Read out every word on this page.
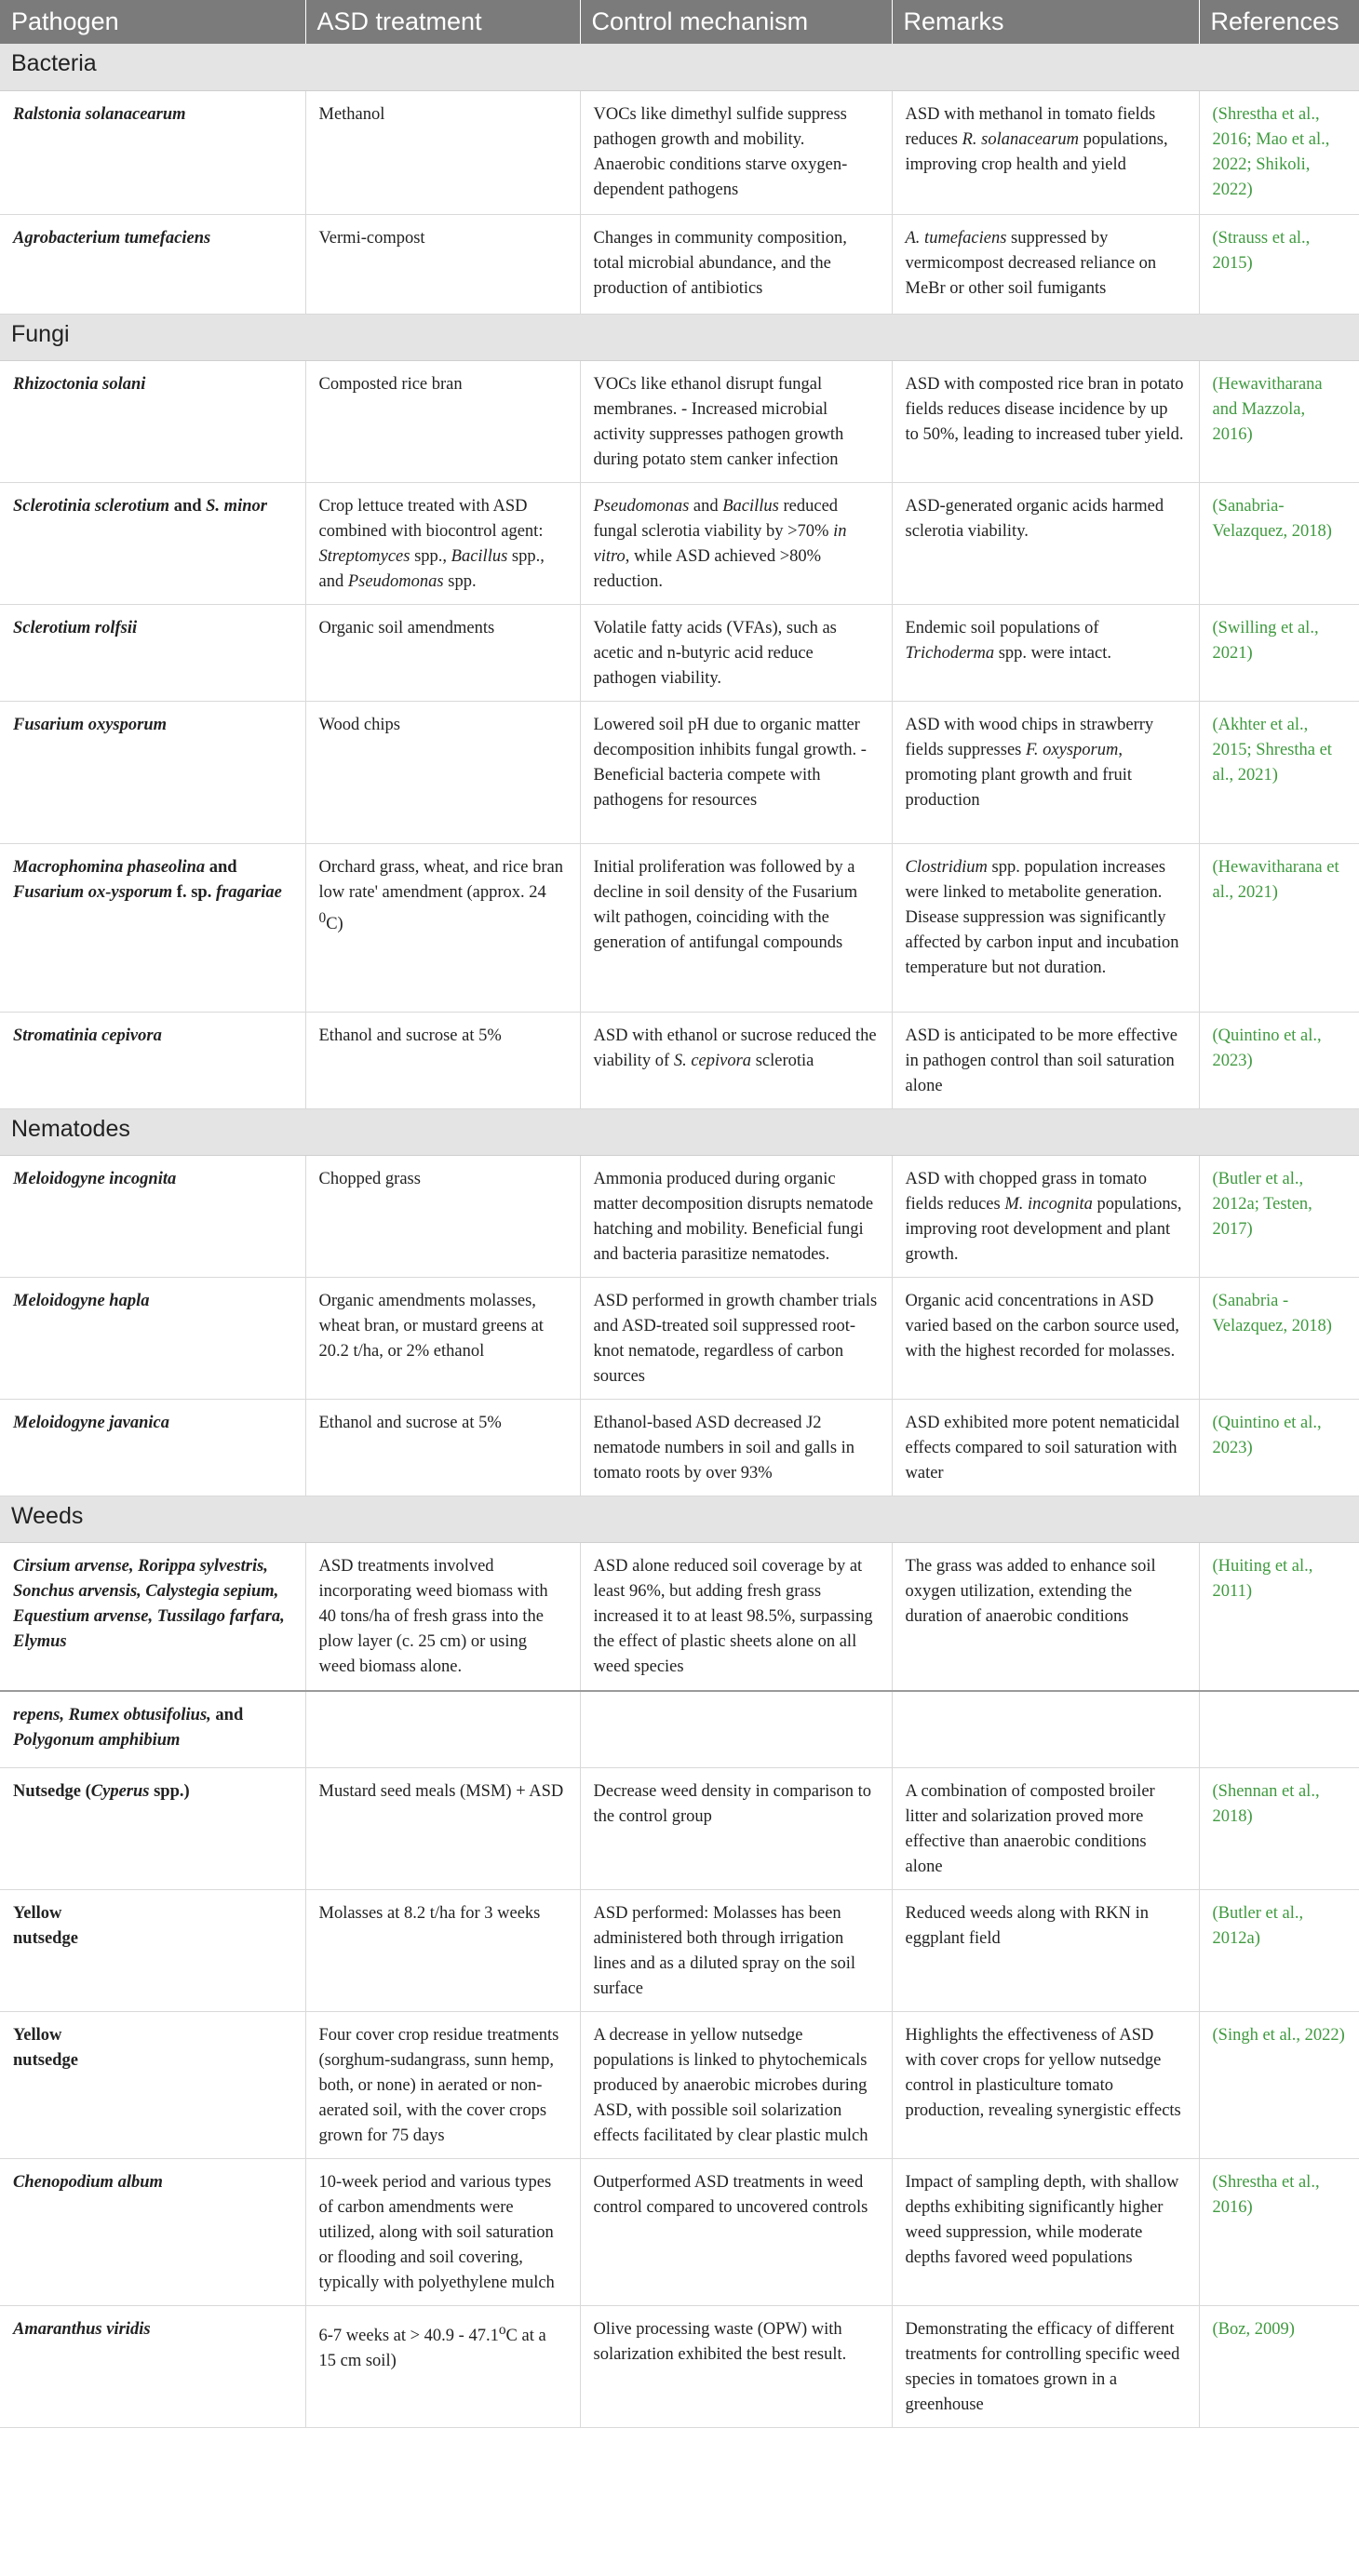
Pathogen	ASD treatment	Control mechanism	Remarks	References
Bacteria				
Ralstonia solanacearum	Methanol	VOCs like dimethyl sulfide suppress pathogen growth and mobility. Anaerobic conditions starve oxygen-dependent pathogens	ASD with methanol in tomato fields reduces R. solanacearum populations, improving crop health and yield	(Shrestha et al., 2016; Mao et al., 2022; Shikoli, 2022)
Agrobacterium tumefaciens	Vermi-compost	Changes in community composition, total microbial abundance, and the production of antibiotics	A. tumefaciens suppressed by vermicompost decreased reliance on MeBr or other soil fumigants	(Strauss et al., 2015)
Fungi				
Rhizoctonia solani	Composted rice bran	VOCs like ethanol disrupt fungal membranes. - Increased microbial activity suppresses pathogen growth during potato stem canker infection	ASD with composted rice bran in potato fields reduces disease incidence by up to 50%, leading to increased tuber yield.	(Hewavitharana and Mazzola, 2016)
Sclerotinia sclerotium and S. minor	Crop lettuce treated with ASD combined with biocontrol agent: Streptomyces spp., Bacillus spp., and Pseudomonas spp.	Pseudomonas and Bacillus reduced fungal sclerotia viability by >70% in vitro, while ASD achieved >80% reduction.	ASD-generated organic acids harmed sclerotia viability.	(Sanabria-Velazquez, 2018)
Sclerotium rolfsii	Organic soil amendments	Volatile fatty acids (VFAs), such as acetic and n-butyric acid reduce pathogen viability.	Endemic soil populations of Trichoderma spp. were intact.	(Swilling et al., 2021)
Fusarium oxysporum	Wood chips	Lowered soil pH due to organic matter decomposition inhibits fungal growth. - Beneficial bacteria compete with pathogens for resources	ASD with wood chips in strawberry fields suppresses F. oxysporum, promoting plant growth and fruit production	(Akhter et al., 2015; Shrestha et al., 2021)
Macrophomina phaseolina and Fusarium ox-ysporum f. sp. fragariae	Orchard grass, wheat, and rice bran low rate' amendment (approx. 24 $^0$C)	Initial proliferation was followed by a decline in soil density of the Fusarium wilt pathogen, coinciding with the generation of antifungal compounds	Clostridium spp. population increases were linked to metabolite generation. Disease suppression was significantly affected by carbon input and incubation temperature but not duration.	(Hewavitharana et al., 2021)
Stromatinia cepivora	Ethanol and sucrose at 5%	ASD with ethanol or sucrose reduced the viability of S. cepivora sclerotia	ASD is anticipated to be more effective in pathogen control than soil saturation alone	(Quintino et al., 2023)
Nematodes				
Meloidogyne incognita	Chopped grass	Ammonia produced during organic matter decomposition disrupts nematode hatching and mobility. Beneficial fungi and bacteria parasitize nematodes.	ASD with chopped grass in tomato fields reduces M. incognita populations, improving root development and plant growth.	(Butler et al., 2012a; Testen, 2017)
Meloidogyne hapla	Organic amendments molasses, wheat bran, or mustard greens at 20.2 t/ha, or 2% ethanol	ASD performed in growth chamber trials and ASD-treated soil suppressed root-knot nematode, regardless of carbon sources	Organic acid concentrations in ASD varied based on the carbon source used, with the highest recorded for molasses.	(Sanabria -Velazquez, 2018)
Meloidogyne javanica	Ethanol and sucrose at 5%	Ethanol-based ASD decreased J2 nematode numbers in soil and galls in tomato roots by over 93%	ASD exhibited more potent nematicidal effects compared to soil saturation with water	(Quintino et al., 2023)
Weeds				
Cirsium arvense, Rorippa sylvestris, Sonchus arvensis, Calystegia sepium, Equestium arvense, Tussilago farfara, Elymus	ASD treatments involved incorporating weed biomass with 40 tons/ha of fresh grass into the plow layer (c. 25 cm) or using weed biomass alone.	ASD alone reduced soil coverage by at least 96%, but adding fresh grass increased it to at least 98.5%, surpassing the effect of plastic sheets alone on all weed species	The grass was added to enhance soil oxygen utilization, extending the duration of anaerobic conditions	(Huiting et al., 2011)
repens, Rumex obtusifolius, and Polygonum amphibium				
Nutsedge (Cyperus spp.)	Mustard seed meals (MSM) + ASD	Decrease weed density in comparison to the control group	A combination of composted broiler litter and solarization proved more effective than anaerobic conditions alone	(Shennan et al., 2018)
Yellow nutsedge	Molasses at 8.2 t/ha for 3 weeks	ASD performed: Molasses has been administered both through irrigation lines and as a diluted spray on the soil surface	Reduced weeds along with RKN in eggplant field	(Butler et al., 2012a)
Yellow nutsedge	Four cover crop residue treatments (sorghum-sudangrass, sunn hemp, both, or none) in aerated or non-aerated soil, with the cover crops grown for 75 days	A decrease in yellow nutsedge populations is linked to phytochemicals produced by anaerobic microbes during ASD, with possible soil solarization effects facilitated by clear plastic mulch	Highlights the effectiveness of ASD with cover crops for yellow nutsedge control in plasticulture tomato production, revealing synergistic effects	(Singh et al., 2022)
Chenopodium album	10-week period and various types of carbon amendments were utilized, along with soil saturation or flooding and soil covering, typically with polyethylene mulch	Outperformed ASD treatments in weed control compared to uncovered controls	Impact of sampling depth, with shallow depths exhibiting significantly higher weed suppression, while moderate depths favored weed populations	(Shrestha et al., 2016)
Amaranthus viridis	6-7 weeks at > 40.9 - 47.1$^o$C at a 15 cm soil)	Olive processing waste (OPW) with solarization exhibited the best result.	Demonstrating the efficacy of different treatments for controlling specific weed species in tomatoes grown in a greenhouse	(Boz, 2009)
